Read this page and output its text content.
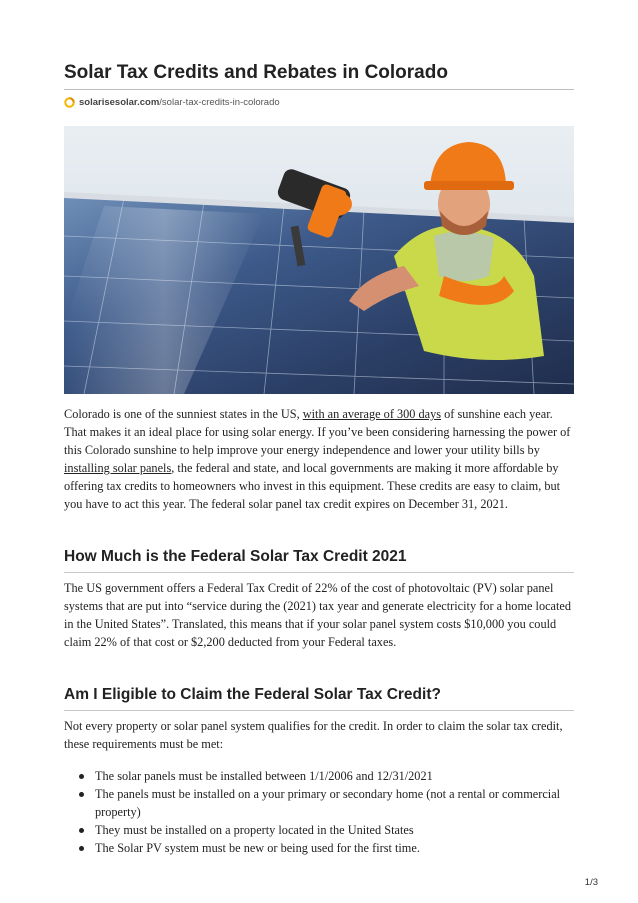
Solar Tax Credits and Rebates in Colorado
solarisesolar.com /solar-tax-credits-in-colorado

Colorado is one of the sunniest states in the US, with an average of 300 days of sunshine each year. That makes it an ideal place for using solar energy. If you’ve been considering harnessing the power of this Colorado sunshine to help improve your energy independence and lower your utility bills by installing solar panels, the federal and state, and local governments are making it more affordable by offering tax credits to homeowners who invest in this equipment. These credits are easy to claim, but you have to act this year. The federal solar panel tax credit expires on December 31, 2021.

How Much is the Federal Solar Tax Credit 2021

The US government offers a Federal Tax Credit of 22% of the cost of photovoltaic (PV) solar panel systems that are put into “service during the (2021) tax year and generate electricity for a home located in the United States”. Translated, this means that if your solar panel system costs $10,000 you could claim 22% of that cost or $2,200 deducted from your Federal taxes.

Am I Eligible to Claim the Federal Solar Tax Credit?

Not every property or solar panel system qualifies for the credit. In order to claim the solar tax credit, these requirements must be met:

The solar panels must be installed between 1/1/2006 and 12/31/2021
The panels must be installed on a your primary or secondary home (not a rental or commercial property)
They must be installed on a property located in the United States
The Solar PV system must be new or being used for the first time.
1/3
